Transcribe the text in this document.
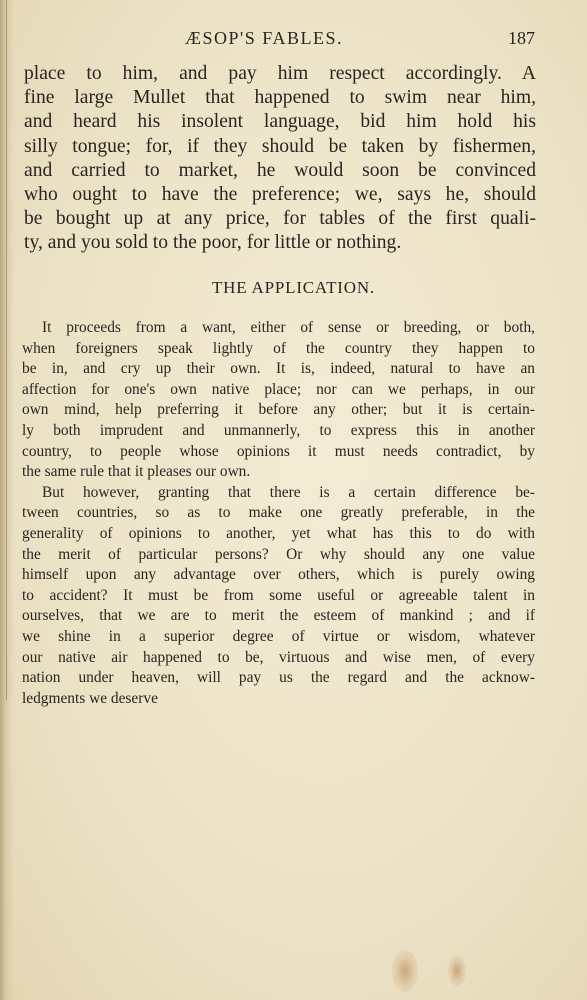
ÆSOP'S FABLES.	187
place to him, and pay him respect accordingly. A
fine large Mullet that happened to swim near him,
and heard his insolent language, bid him hold his
silly tongue; for, if they should be taken by fishermen,
and carried to market, he would soon be convinced
who ought to have the preference; we, says he, should
be bought up at any price, for tables of the first quali-
ty, and you sold to the poor, for little or nothing.
THE APPLICATION.
It proceeds from a want, either of sense or breeding, or both,
when foreigners speak lightly of the country they happen to
be in, and cry up their own. It is, indeed, natural to have an
affection for one's own native place; nor can we perhaps, in our
own mind, help preferring it before any other; but it is certain-
ly both imprudent and unmannerly, to express this in another
country, to people whose opinions it must needs contradict, by
the same rule that it pleases our own.
But however, granting that there is a certain difference be-
tween countries, so as to make one greatly preferable, in the
generality of opinions to another, yet what has this to do with
the merit of particular persons? Or why should any one value
himself upon any advantage over others, which is purely owing
to accident? It must be from some useful or agreeable talent in
ourselves, that we are to merit the esteem of mankind ; and if
we shine in a superior degree of virtue or wisdom, whatever
our native air happened to be, virtuous and wise men, of every
nation under heaven, will pay us the regard and the acknow-
ledgments we deserve
